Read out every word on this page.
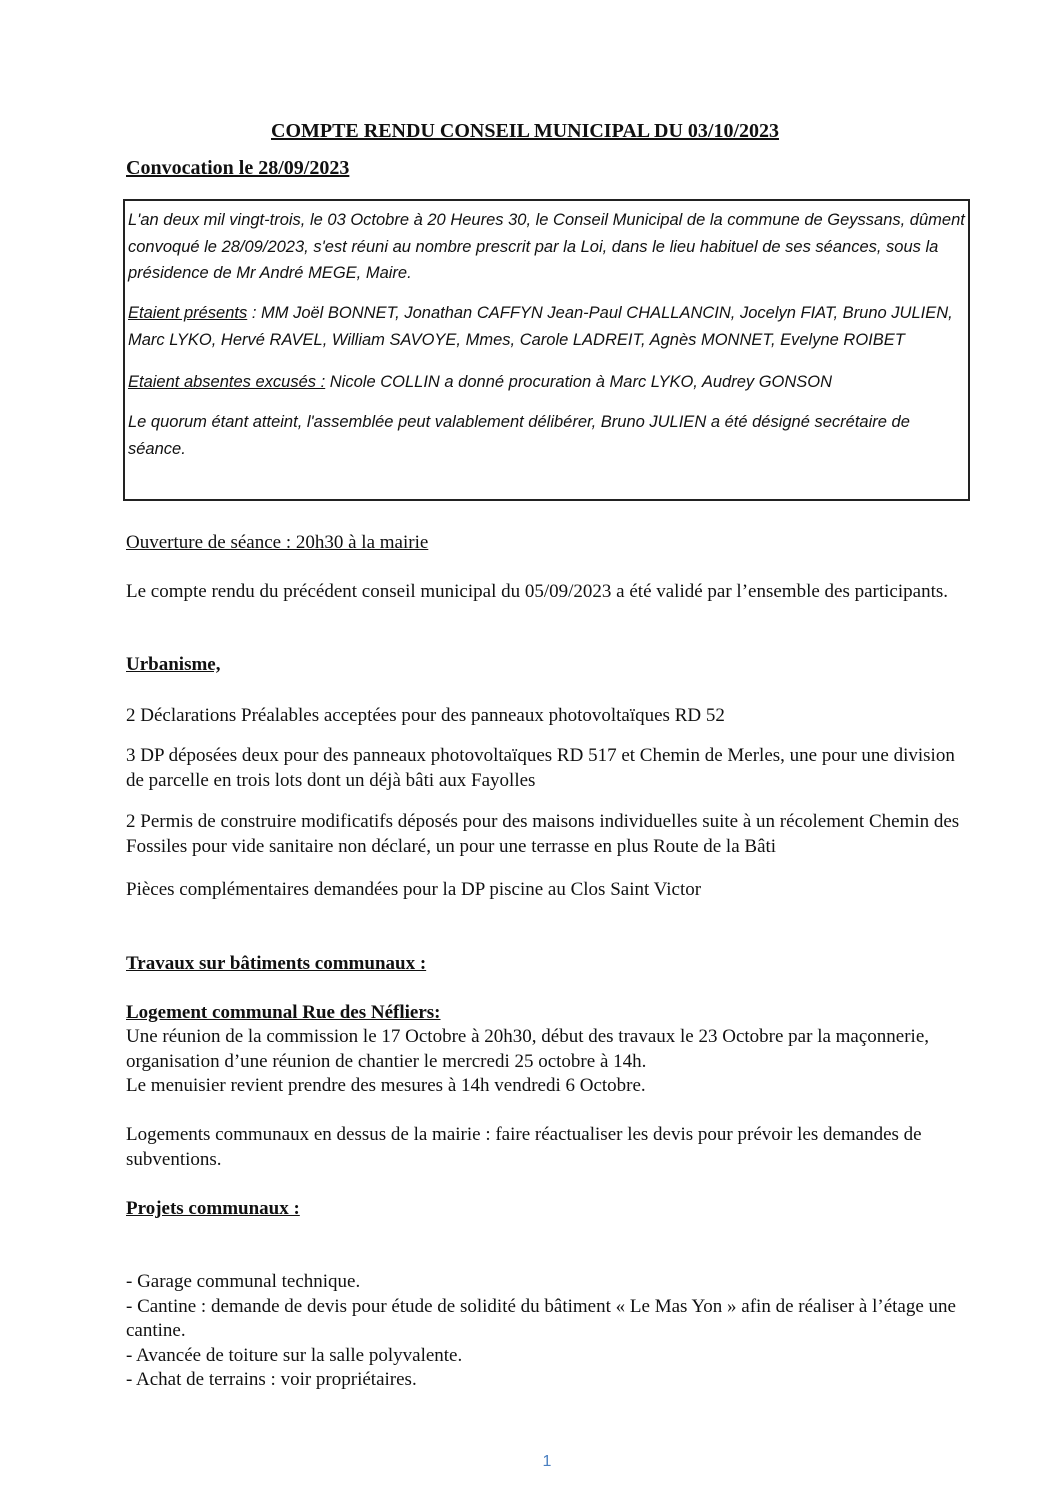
COMPTE RENDU CONSEIL MUNICIPAL DU 03/10/2023
Convocation le 28/09/2023

L'an deux mil vingt-trois, le 03 Octobre à 20 Heures 30, le Conseil Municipal de la commune de Geyssans, dûment convoqué le 28/09/2023, s'est réuni au nombre prescrit par la Loi, dans le lieu habituel de ses séances, sous la présidence de Mr André MEGE, Maire.

Etaient présents : MM Joël BONNET, Jonathan CAFFYN Jean-Paul CHALLANCIN, Jocelyn FIAT, Bruno JULIEN, Marc LYKO, Hervé RAVEL, William SAVOYE, Mmes, Carole LADREIT, Agnès MONNET, Evelyne ROIBET

Etaient absentes excusés : Nicole COLLIN a donné procuration à Marc LYKO, Audrey GONSON

Le quorum étant atteint, l'assemblée peut valablement délibérer, Bruno JULIEN a été désigné secrétaire de séance.

Ouverture de séance : 20h30 à la mairie

Le compte rendu du précédent conseil municipal du 05/09/2023 a été validé par l’ensemble des participants.

Urbanisme,

2 Déclarations Préalables acceptées pour des panneaux photovoltaïques RD 52

3 DP déposées deux pour des panneaux photovoltaïques RD 517 et Chemin de Merles, une pour une division de parcelle en trois lots dont un déjà bâti aux Fayolles

2 Permis de construire modificatifs déposés pour des maisons individuelles suite à un récolement Chemin des Fossiles pour vide sanitaire non déclaré, un pour une terrasse en plus Route de la Bâti

Pièces complémentaires demandées pour la DP piscine au Clos Saint Victor

Travaux sur bâtiments communaux :

Logement communal Rue des Néfliers:

Une réunion de la commission le 17 Octobre à 20h30, début des travaux le 23 Octobre par la maçonnerie, organisation d’une réunion de chantier le mercredi 25 octobre à 14h.

Le menuisier revient prendre des mesures à 14h vendredi 6 Octobre.

Logements communaux en dessus de la mairie : faire réactualiser les devis pour prévoir les demandes de subventions.

Projets communaux :

- Garage communal technique.
- Cantine : demande de devis pour étude de solidité du bâtiment « Le Mas Yon » afin de réaliser à l’étage une cantine.
- Avancée de toiture sur la salle polyvalente.
- Achat de terrains : voir propriétaires.
1
